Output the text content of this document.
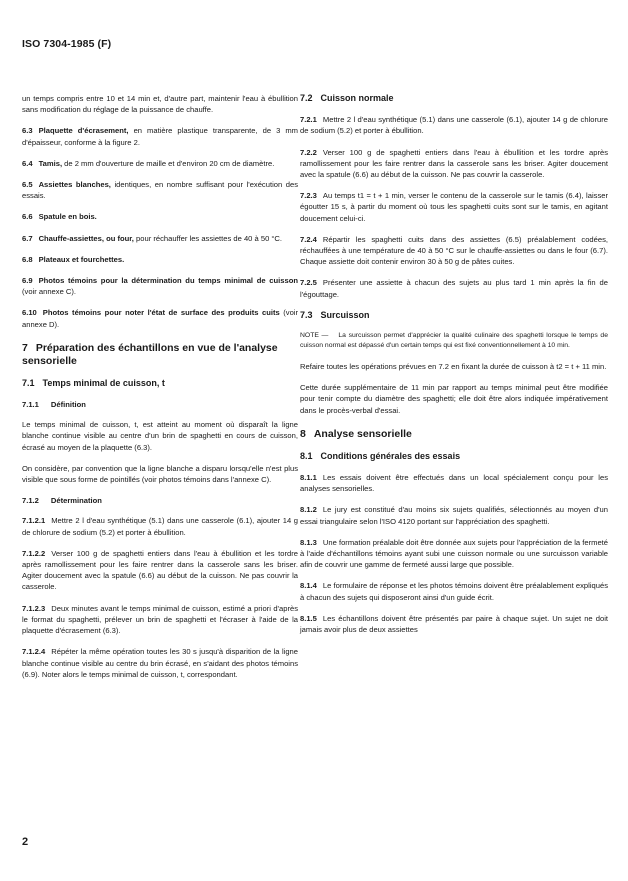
ISO 7304-1985 (F)

un temps compris entre 10 et 14 min et, d'autre part, maintenir l'eau à ébullition sans modification du réglage de la puissance de chauffe.

6.3 Plaquette d'écrasement, en matière plastique transparente, de 3 mm d'épaisseur, conforme à la figure 2.

6.4 Tamis, de 2 mm d'ouverture de maille et d'environ 20 cm de diamètre.

6.5 Assiettes blanches, identiques, en nombre suffisant pour l'exécution des essais.

6.6 Spatule en bois.

6.7 Chauffe-assiettes, ou four, pour réchauffer les assiettes de 40 à 50 °C.

6.8 Plateaux et fourchettes.

6.9 Photos témoins pour la détermination du temps minimal de cuisson (voir annexe C).

6.10 Photos témoins pour noter l'état de surface des produits cuits (voir annexe D).

7 Préparation des échantillons en vue de l'analyse sensorielle
7.1 Temps minimal de cuisson, t
7.1.1 Définition

Le temps minimal de cuisson, t, est atteint au moment où disparaît la ligne blanche continue visible au centre d'un brin de spaghetti en cours de cuisson, écrasé au moyen de la plaquette (6.3).

On considère, par convention que la ligne blanche a disparu lorsqu'elle n'est plus visible que sous forme de pointillés (voir photos témoins dans l'annexe C).

7.1.2 Détermination

7.1.2.1 Mettre 2 l d'eau synthétique (5.1) dans une casserole (6.1), ajouter 14 g de chlorure de sodium (5.2) et porter à ébullition.

7.1.2.2 Verser 100 g de spaghetti entiers dans l'eau à ébullition et les tordre après ramollissement pour les faire rentrer dans la casserole sans les briser. Agiter doucement avec la spatule (6.6) au début de la cuisson. Ne pas couvrir la casserole.

7.1.2.3 Deux minutes avant le temps minimal de cuisson, estimé a priori d'après le format du spaghetti, prélever un brin de spaghetti et l'écraser à l'aide de la plaquette d'écrasement (6.3).

7.1.2.4 Répéter la même opération toutes les 30 s jusqu'à disparition de la ligne blanche continue visible au centre du brin écrasé, en s'aidant des photos témoins (6.9). Noter alors le temps minimal de cuisson, t, correspondant.

7.2 Cuisson normale

7.2.1 Mettre 2 l d'eau synthétique (5.1) dans une casserole (6.1), ajouter 14 g de chlorure de sodium (5.2) et porter à ébullition.

7.2.2 Verser 100 g de spaghetti entiers dans l'eau à ébullition et les tordre après ramollissement pour les faire rentrer dans la casserole sans les briser. Agiter doucement avec la spatule (6.6) au début de la cuisson. Ne pas couvrir la casserole.

7.2.3 Au temps t1 = t + 1 min, verser le contenu de la casserole sur le tamis (6.4), laisser égoutter 15 s, à partir du moment où tous les spaghetti cuits sont sur le tamis, en agitant doucement celui-ci.

7.2.4 Répartir les spaghetti cuits dans des assiettes (6.5) préalablement codées, réchauffées à une température de 40 à 50 °C sur le chauffe-assiettes ou dans le four (6.7). Chaque assiette doit contenir environ 30 à 50 g de pâtes cuites.

7.2.5 Présenter une assiette à chacun des sujets au plus tard 1 min après la fin de l'égouttage.

7.3 Surcuisson

NOTE — La surcuisson permet d'apprécier la qualité culinaire des spaghetti lorsque le temps de cuisson normal est dépassé d'un certain temps qui est fixé conventionnellement à 10 min.

Refaire toutes les opérations prévues en 7.2 en fixant la durée de cuisson à t2 = t + 11 min.

Cette durée supplémentaire de 11 min par rapport au temps minimal peut être modifiée pour tenir compte du diamètre des spaghetti; elle doit être alors indiquée impérativement dans le procès-verbal d'essai.

8 Analyse sensorielle
8.1 Conditions générales des essais

8.1.1 Les essais doivent être effectués dans un local spécialement conçu pour les analyses sensorielles.

8.1.2 Le jury est constitué d'au moins six sujets qualifiés, sélectionnés au moyen d'un essai triangulaire selon l'ISO 4120 portant sur l'appréciation des spaghetti.

8.1.3 Une formation préalable doit être donnée aux sujets pour l'appréciation de la fermeté à l'aide d'échantillons témoins ayant subi une cuisson normale ou une surcuisson variable afin de couvrir une gamme de fermeté aussi large que possible.

8.1.4 Le formulaire de réponse et les photos témoins doivent être préalablement expliqués à chacun des sujets qui disposeront ainsi d'un guide écrit.

8.1.5 Les échantillons doivent être présentés par paire à chaque sujet. Un sujet ne doit jamais avoir plus de deux assiettes

2
